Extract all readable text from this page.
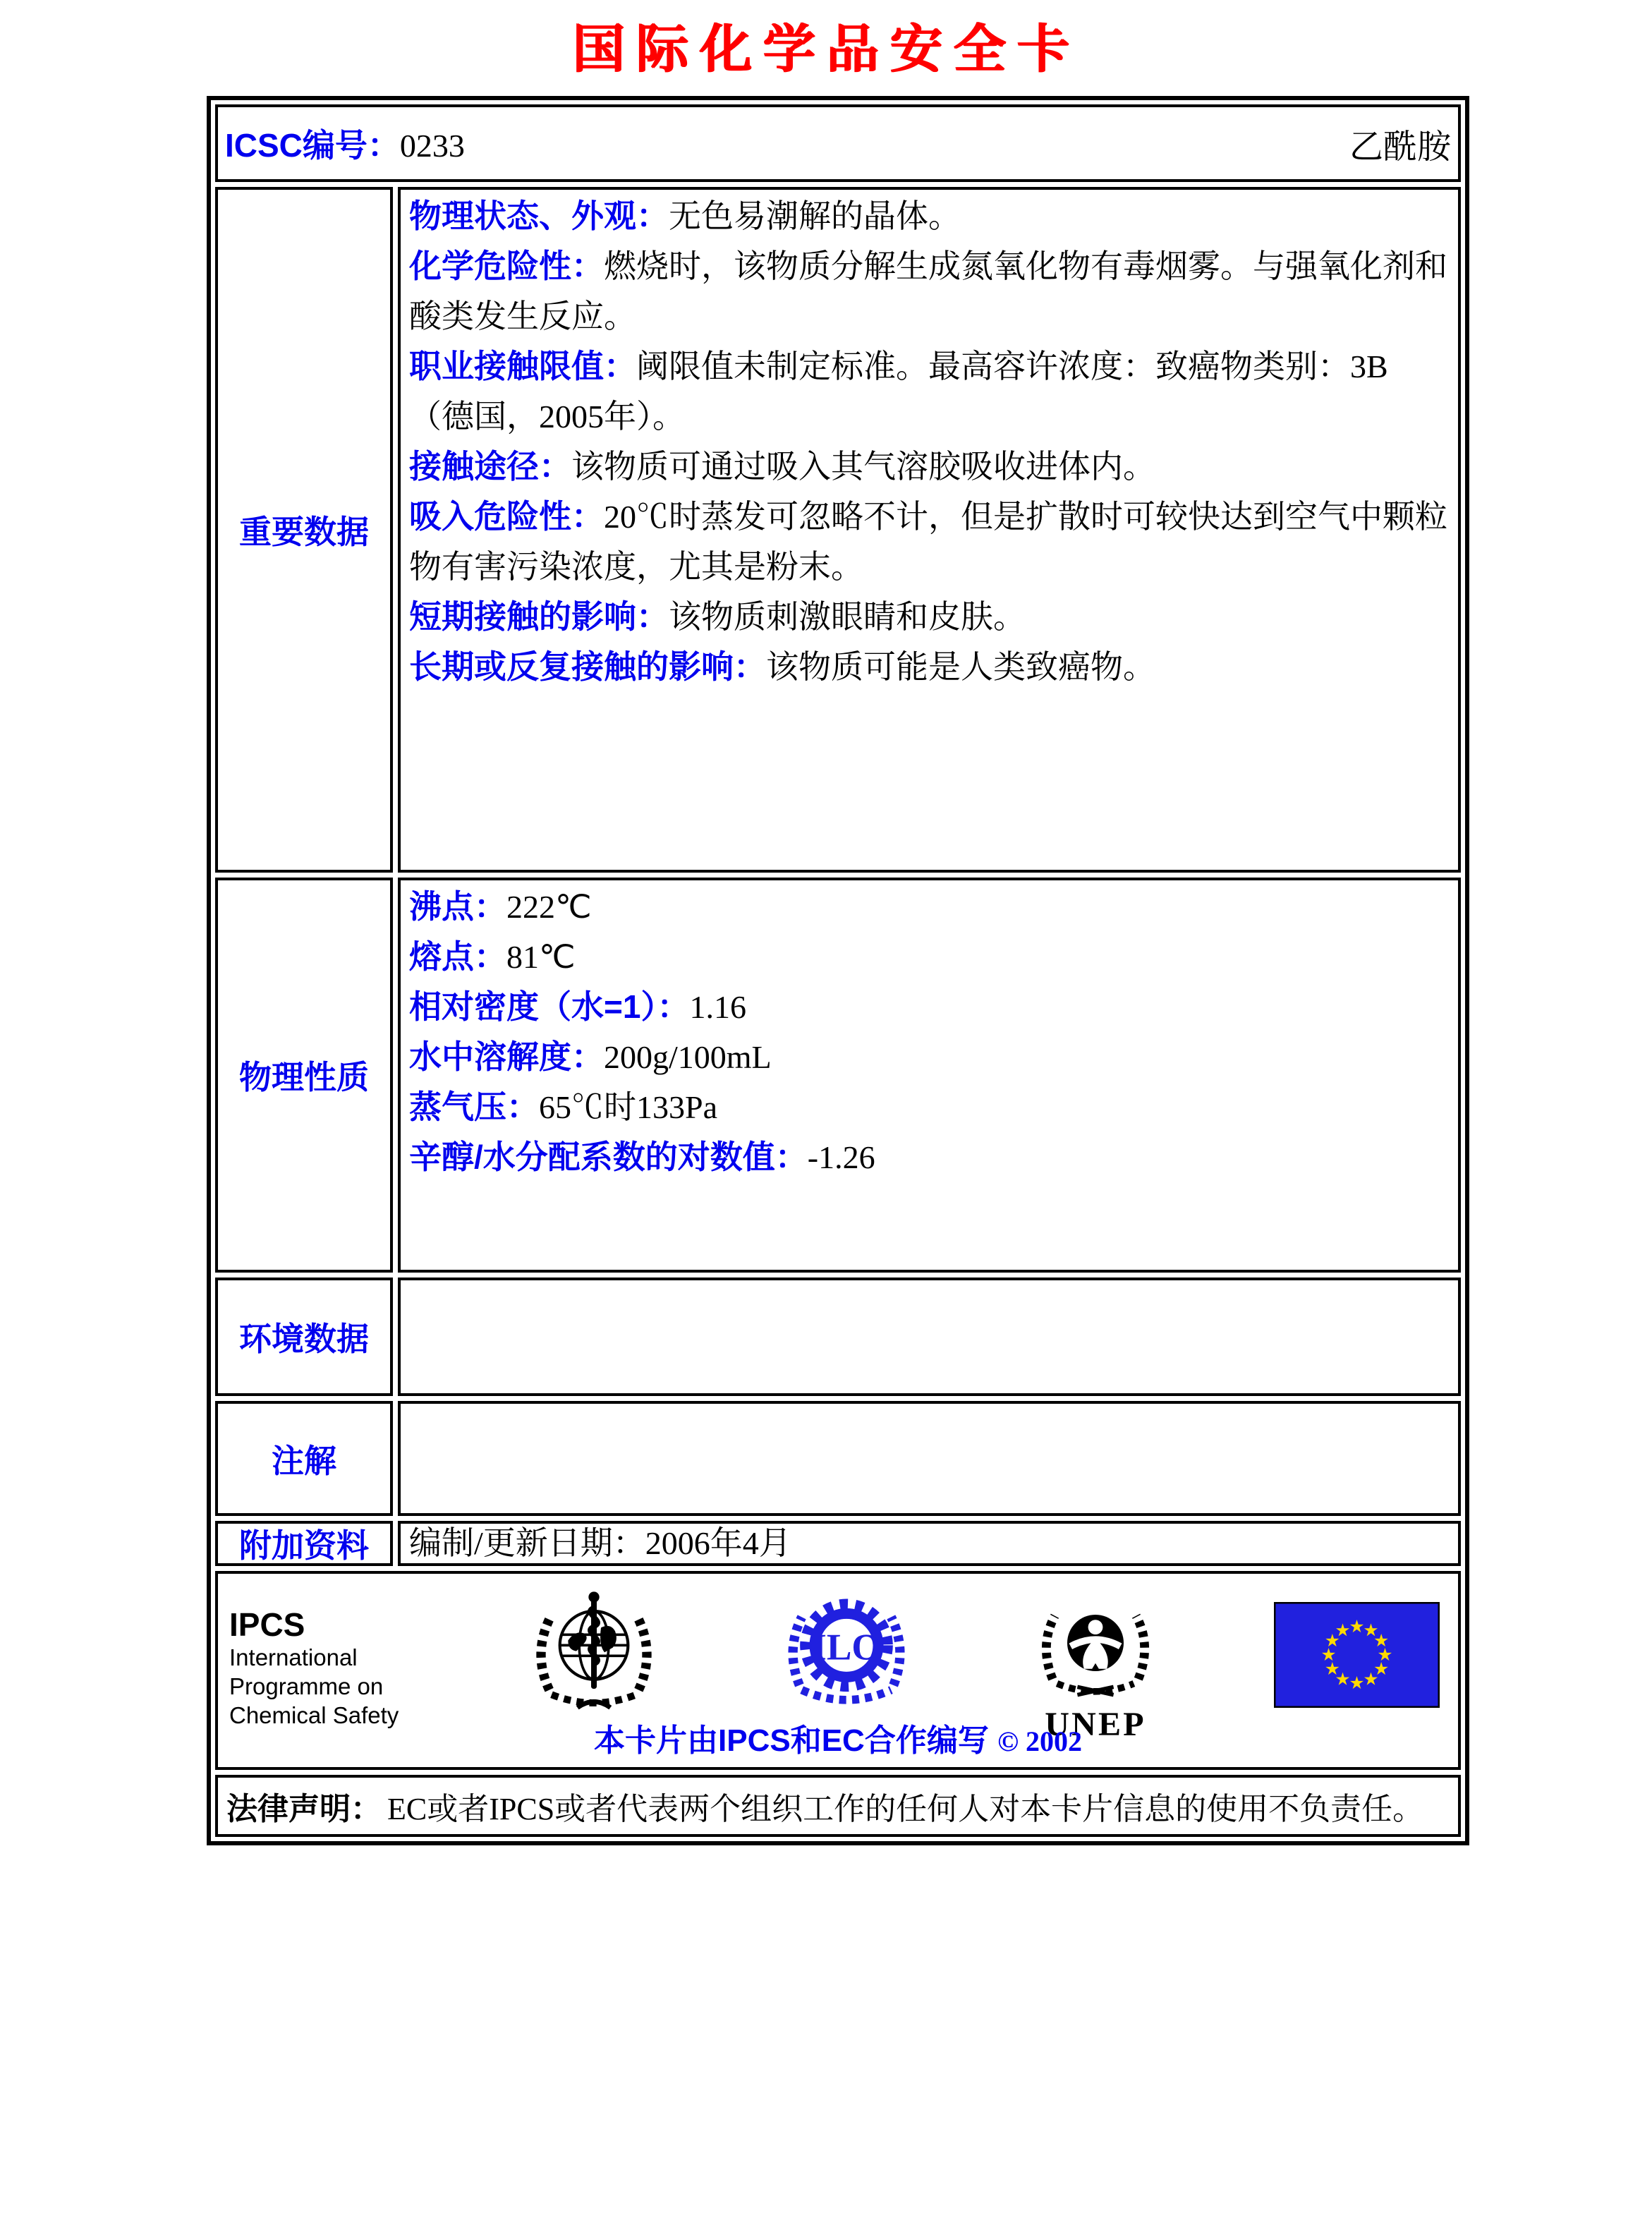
国际化学品安全卡
ICSC编号：0233	乙酰胺
重要数据
物理状态、外观：无色易潮解的晶体。
化学危险性：燃烧时，该物质分解生成氮氧化物有毒烟雾。与强氧化剂和酸类发生反应。
职业接触限值：阈限值未制定标准。最高容许浓度：致癌物类别：3B（德国，2005年）。
接触途径：该物质可通过吸入其气溶胶吸收进体内。
吸入危险性：20℃时蒸发可忽略不计，但是扩散时可较快达到空气中颗粒物有害污染浓度，尤其是粉末。
短期接触的影响：该物质刺激眼睛和皮肤。
长期或反复接触的影响：该物质可能是人类致癌物。
物理性质
沸点：222℃
熔点：81℃
相对密度（水=1）：1.16
水中溶解度：200g/100mL
蒸气压：65℃时133Pa
辛醇/水分配系数的对数值：-1.26
环境数据
注解
附加资料	编制/更新日期： 2006年4月
IPCS
International
Programme on
Chemical Safety
ILO
UNEP
本卡片由IPCS和EC合作编写 © 2002
法律声明： EC或者IPCS或者代表两个组织工作的任何人对本卡片信息的使用不负责任。
